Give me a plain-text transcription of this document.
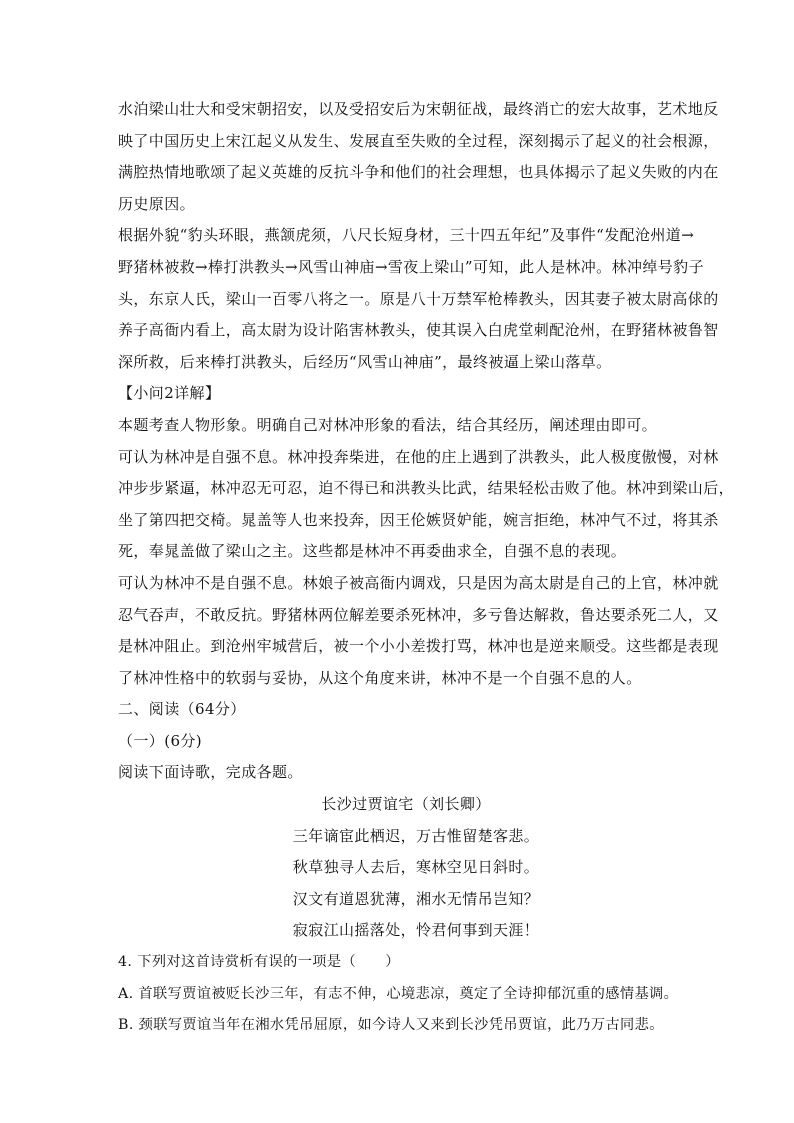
水泊梁山壮大和受宋朝招安，以及受招安后为宋朝征战，最终消亡的宏大故事，艺术地反
映了中国历史上宋江起义从发生、发展直至失败的全过程，深刻揭示了起义的社会根源，
满腔热情地歌颂了起义英雄的反抗斗争和他们的社会理想，也具体揭示了起义失败的内在
历史原因。
根据外貌“豹头环眼，燕颔虎须，八尺长短身材，三十四五年纪”及事件“发配沧州道→
野猪林被救→棒打洪教头→风雪山神庙→雪夜上梁山”可知，此人是林冲。林冲绰号豹子
头，东京人氏，梁山一百零八将之一。原是八十万禁军枪棒教头，因其妻子被太尉高俅的
养子高衙内看上，高太尉为设计陷害林教头，使其误入白虎堂刺配沧州，在野猪林被鲁智
深所救，后来棒打洪教头，后经历“风雪山神庙”，最终被逼上梁山落草。
【小问2详解】
本题考查人物形象。明确自己对林冲形象的看法，结合其经历，阐述理由即可。
可认为林冲是自强不息。林冲投奔柴进，在他的庄上遇到了洪教头，此人极度傲慢，对林
冲步步紧逼，林冲忍无可忍，迫不得已和洪教头比武，结果轻松击败了他。林冲到梁山后，
坐了第四把交椅。晁盖等人也来投奔，因王伦嫉贤妒能，婉言拒绝，林冲气不过，将其杀
死，奉晁盖做了梁山之主。这些都是林冲不再委曲求全，自强不息的表现。
可认为林冲不是自强不息。林娘子被高衙内调戏，只是因为高太尉是自己的上官，林冲就
忍气吞声，不敢反抗。野猪林两位解差要杀死林冲，多亏鲁达解救，鲁达要杀死二人，又
是林冲阻止。到沧州牢城营后，被一个小小差拨打骂，林冲也是逆来顺受。这些都是表现
了林冲性格中的软弱与妥协，从这个角度来讲，林冲不是一个自强不息的人。
二、阅读（64分）
（一）(6分)
阅读下面诗歌，完成各题。
长沙过贾谊宅（刘长卿）
三年谪宦此栖迟，万古惟留楚客悲。
秋草独寻人去后，寒林空见日斜时。
汉文有道恩犹薄，湘水无情吊岂知？
寂寂江山摇落处，怜君何事到天涯！
4. 下列对这首诗赏析有误的一项是（　　）
A. 首联写贾谊被贬长沙三年，有志不伸，心境悲凉，奠定了全诗抑郁沉重的感情基调。
B. 颈联写贾谊当年在湘水凭吊屈原，如今诗人又来到长沙凭吊贾谊，此乃万古同悲。
